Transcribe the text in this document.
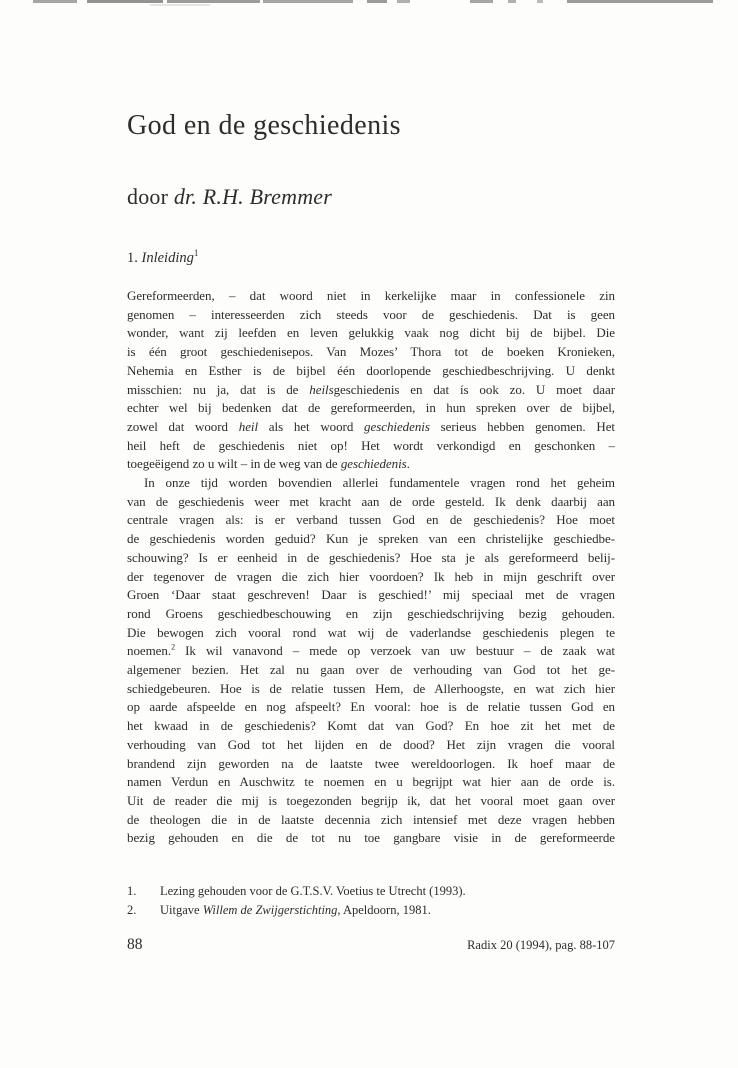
God en de geschiedenis
door dr. R.H. Bremmer
1. Inleiding$^1$
Gereformeerden, – dat woord niet in kerkelijke maar in confessionele zin
genomen – interesseerden zich steeds voor de geschiedenis. Dat is geen
wonder, want zij leefden en leven gelukkig vaak nog dicht bij de bijbel. Die
is één groot geschiedenisepos. Van Mozes’ Thora tot de boeken Kronieken,
Nehemia en Esther is de bijbel één doorlopende geschiedbeschrijving. U denkt
misschien: nu ja, dat is de heilsgeschiedenis en dat ís ook zo. U moet daar
echter wel bij bedenken dat de gereformeerden, in hun spreken over de bijbel,
zowel dat woord heil als het woord geschiedenis serieus hebben genomen. Het
heil heft de geschiedenis niet op! Het wordt verkondigd en geschonken –
toegeëigend zo u wilt – in de weg van de geschiedenis.
In onze tijd worden bovendien allerlei fundamentele vragen rond het geheim
van de geschiedenis weer met kracht aan de orde gesteld. Ik denk daarbij aan
centrale vragen als: is er verband tussen God en de geschiedenis? Hoe moet
de geschiedenis worden geduid? Kun je spreken van een christelijke geschiedbe-
schouwing? Is er eenheid in de geschiedenis? Hoe sta je als gereformeerd belij-
der tegenover de vragen die zich hier voordoen? Ik heb in mijn geschrift over
Groen ‘Daar staat geschreven! Daar is geschied!’ mij speciaal met de vragen
rond Groens geschiedbeschouwing en zijn geschiedschrijving bezig gehouden.
Die bewogen zich vooral rond wat wij de vaderlandse geschiedenis plegen te
noemen.$^2$ Ik wil vanavond – mede op verzoek van uw bestuur – de zaak wat
algemener bezien. Het zal nu gaan over de verhouding van God tot het ge-
schiedgebeuren. Hoe is de relatie tussen Hem, de Allerhoogste, en wat zich hier
op aarde afspeelde en nog afspeelt? En vooral: hoe is de relatie tussen God en
het kwaad in de geschiedenis? Komt dat van God? En hoe zit het met de
verhouding van God tot het lijden en de dood? Het zijn vragen die vooral
brandend zijn geworden na de laatste twee wereldoorlogen. Ik hoef maar de
namen Verdun en Auschwitz te noemen en u begrijpt wat hier aan de orde is.
Uit de reader die mij is toegezonden begrijp ik, dat het vooral moet gaan over
de theologen die in de laatste decennia zich intensief met deze vragen hebben
bezig gehouden en die de tot nu toe gangbare visie in de gereformeerde
1.	Lezing gehouden voor de G.T.S.V. Voetius te Utrecht (1993).
2.	Uitgave Willem de Zwijgerstichting, Apeldoorn, 1981.
88	Radix 20 (1994), pag. 88-107
